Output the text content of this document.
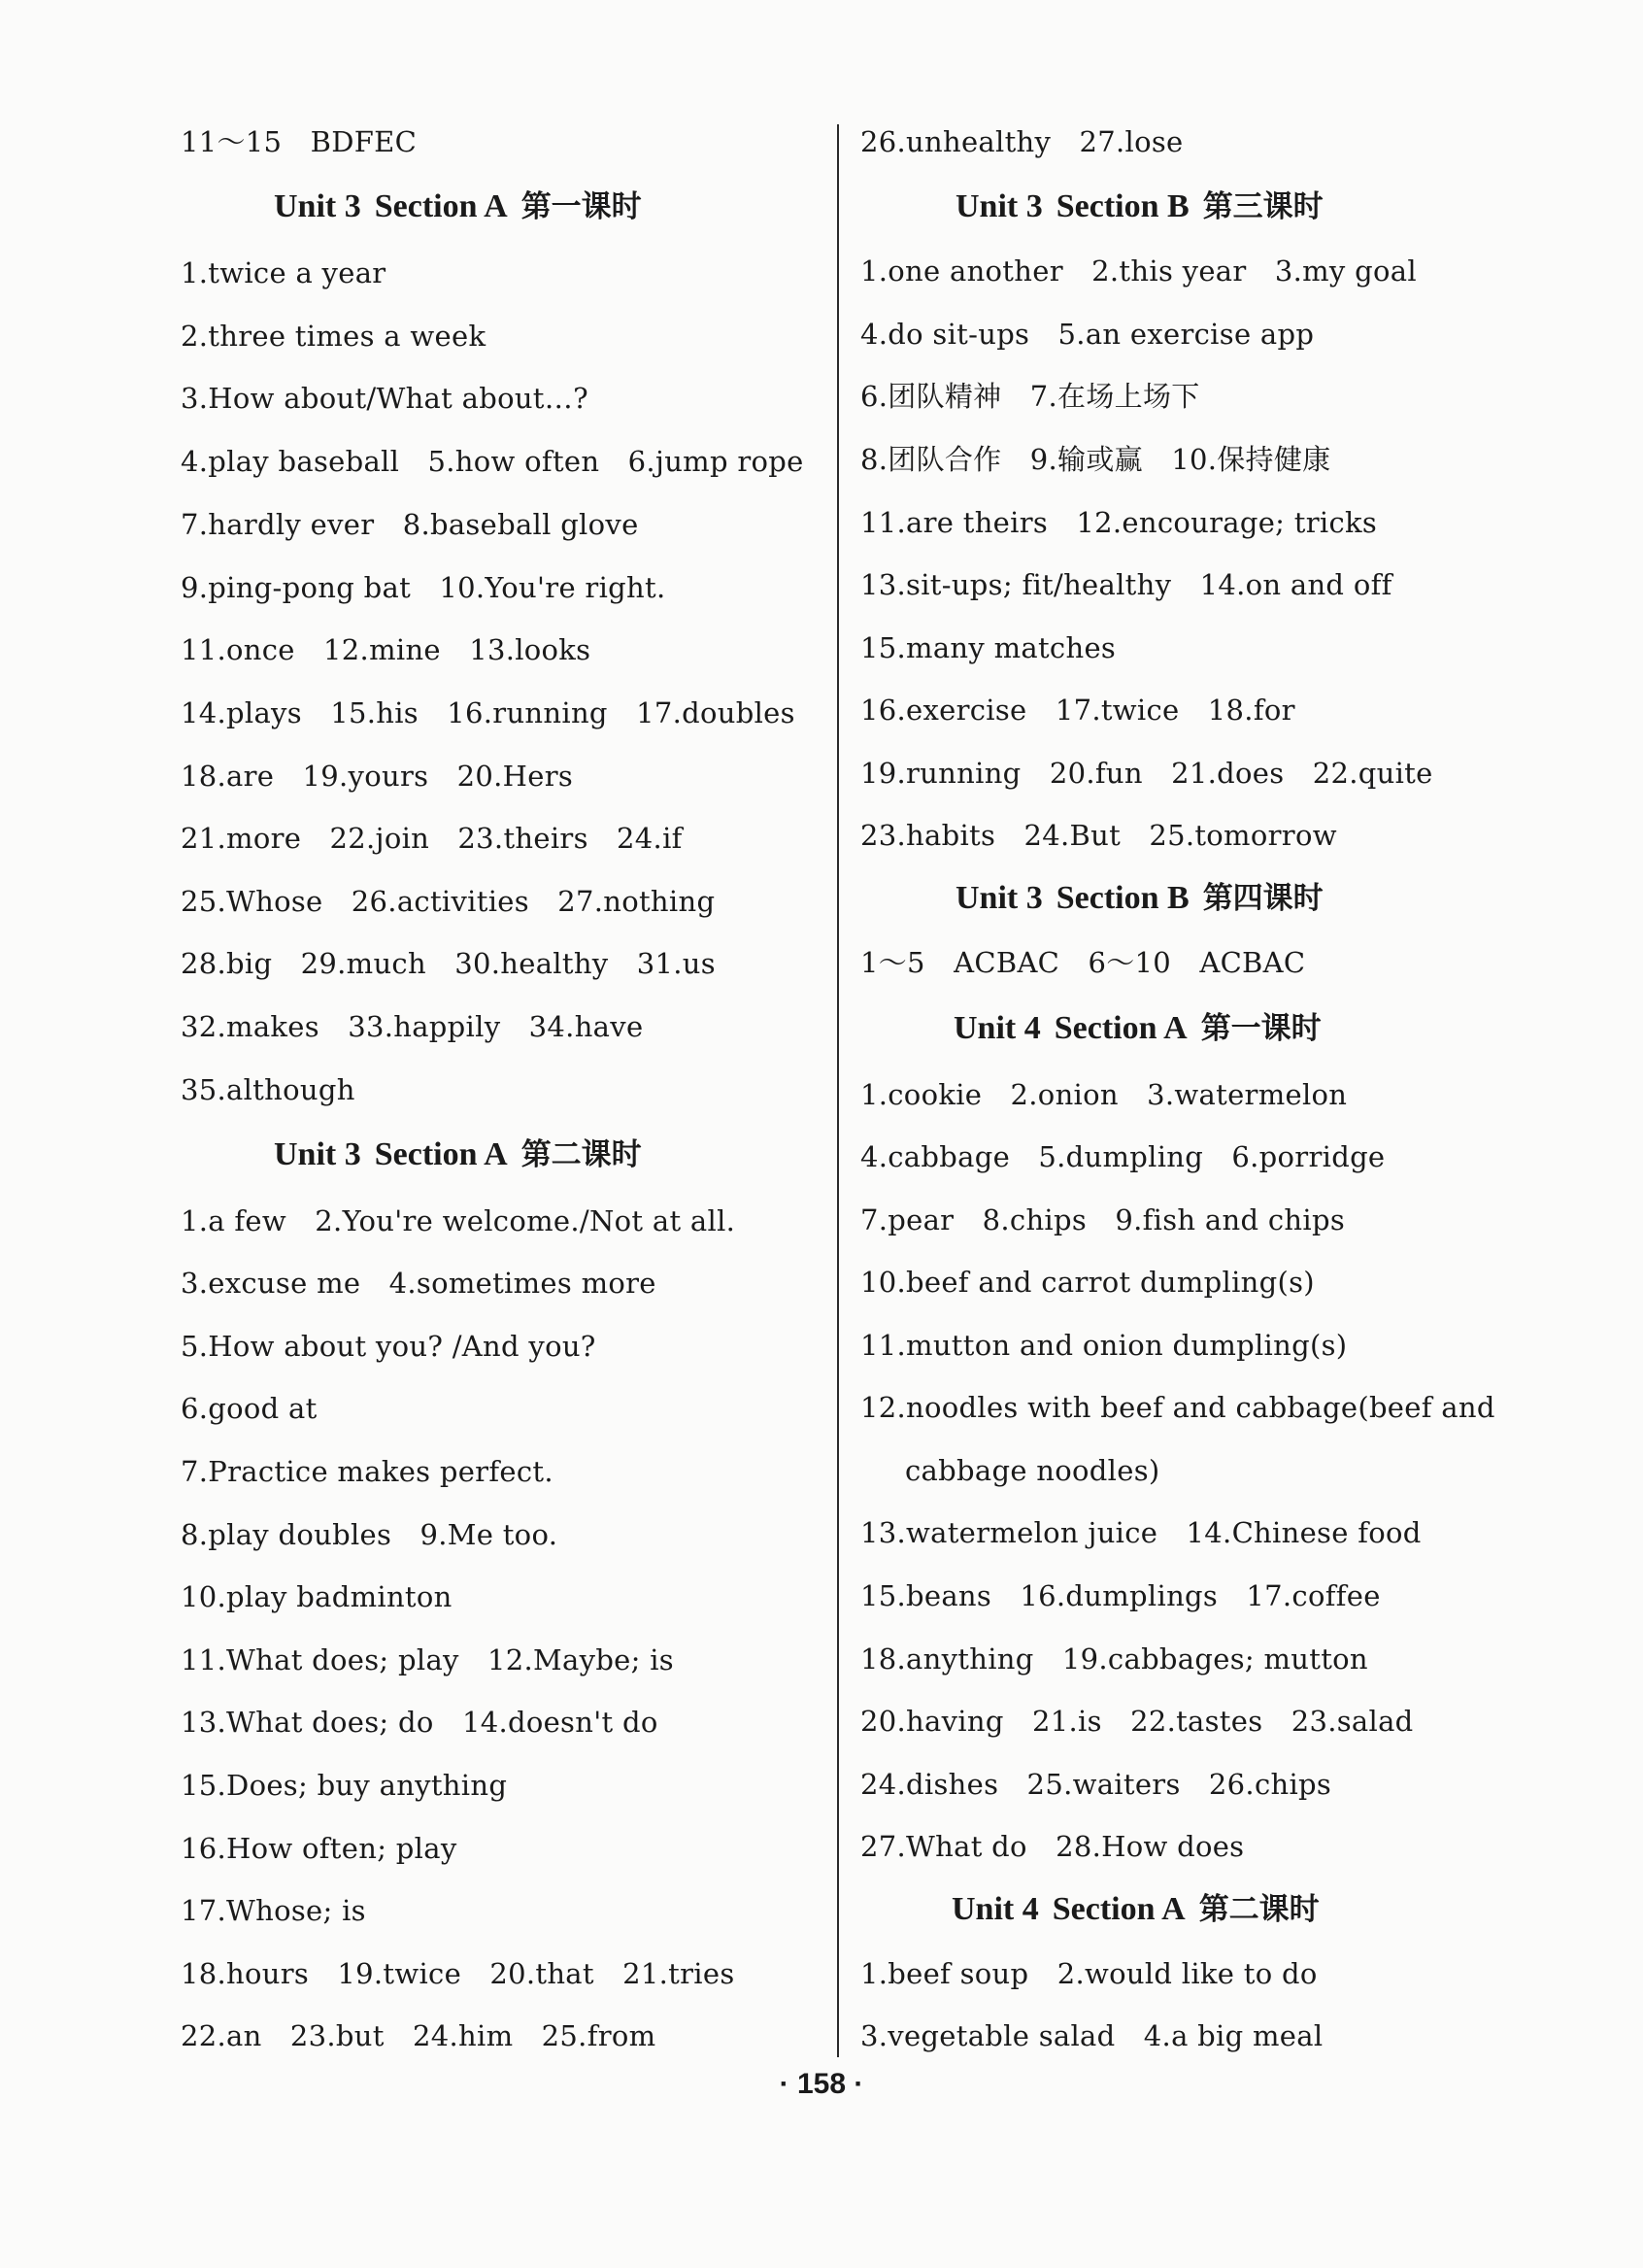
11～15　BDFEC
Unit 3 Section A 第一课时
1.twice a year
2.three times a week
3.How about/What about…?
4.play baseball　5.how often　6.jump rope
7.hardly ever　8.baseball glove
9.ping-pong bat　10.You're right.
11.once　12.mine　13.looks
14.plays　15.his　16.running　17.doubles
18.are　19.yours　20.Hers
21.more　22.join　23.theirs　24.if
25.Whose　26.activities　27.nothing
28.big　29.much　30.healthy　31.us
32.makes　33.happily　34.have
35.although
Unit 3 Section A 第二课时
1.a few　2.You're welcome./Not at all.
3.excuse me　4.sometimes more
5.How about you? /And you?
6.good at
7.Practice makes perfect.
8.play doubles　9.Me too.
10.play badminton
11.What does; play　12.Maybe; is
13.What does; do　14.doesn't do
15.Does; buy anything
16.How often; play
17.Whose; is
18.hours　19.twice　20.that　21.tries
22.an　23.but　24.him　25.from
26.unhealthy　27.lose
Unit 3 Section B 第三课时
1.one another　2.this year　3.my goal
4.do sit-ups　5.an exercise app
6.团队精神　7.在场上场下
8.团队合作　9.输或赢　10.保持健康
11.are theirs　12.encourage; tricks
13.sit-ups; fit/healthy　14.on and off
15.many matches
16.exercise　17.twice　18.for
19.running　20.fun　21.does　22.quite
23.habits　24.But　25.tomorrow
Unit 3 Section B 第四课时
1～5　ACBAC　6～10　ACBAC
Unit 4 Section A 第一课时
1.cookie　2.onion　3.watermelon
4.cabbage　5.dumpling　6.porridge
7.pear　8.chips　9.fish and chips
10.beef and carrot dumpling(s)
11.mutton and onion dumpling(s)
12.noodles with beef and cabbage(beef and
cabbage noodles)
13.watermelon juice　14.Chinese food
15.beans　16.dumplings　17.coffee
18.anything　19.cabbages; mutton
20.having　21.is　22.tastes　23.salad
24.dishes　25.waiters　26.chips
27.What do　28.How does
Unit 4 Section A 第二课时
1.beef soup　2.would like to do
3.vegetable salad　4.a big meal
· 158 ·
